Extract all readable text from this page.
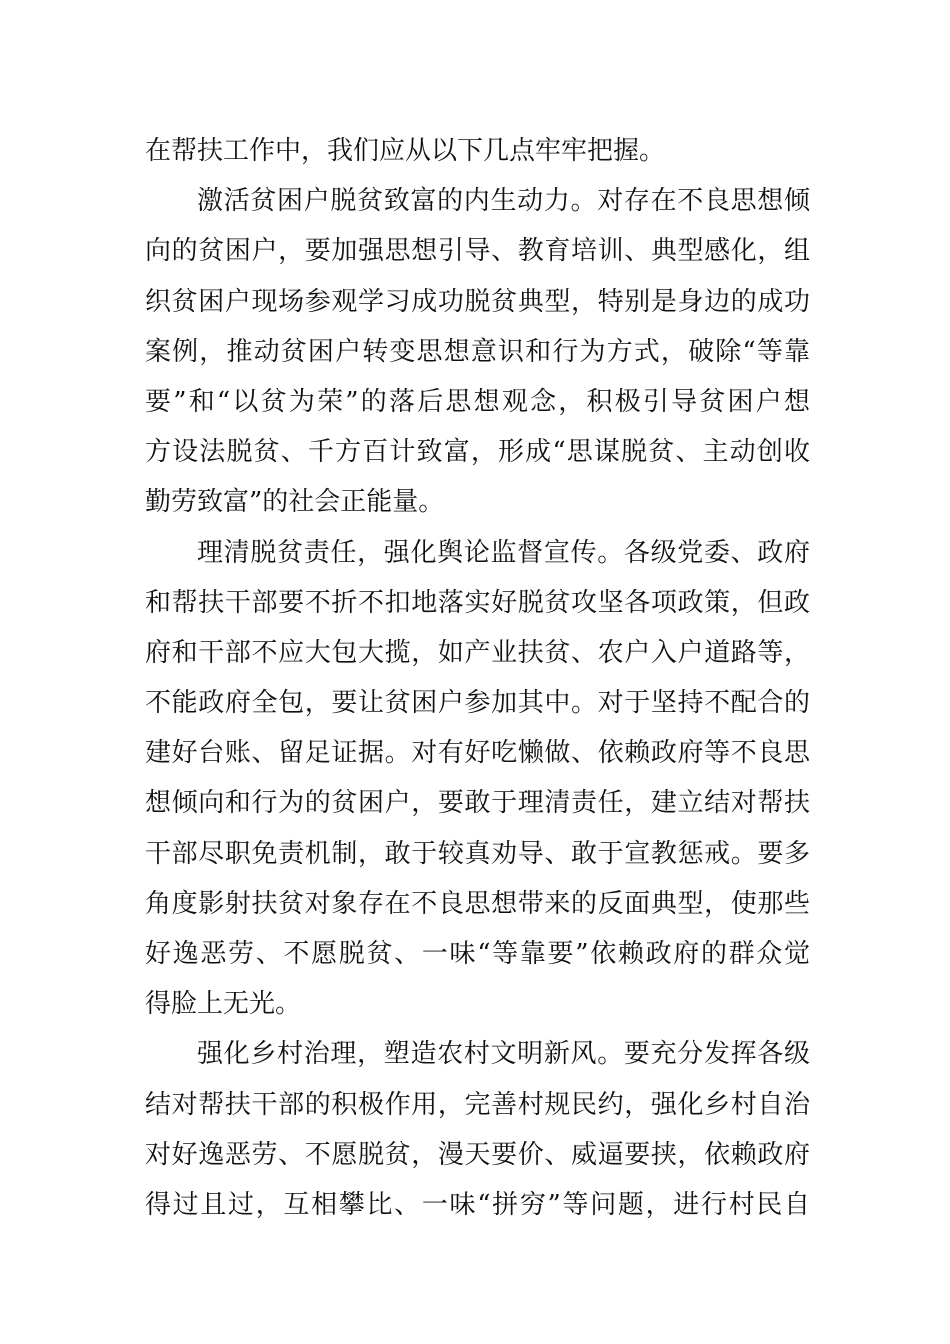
在帮扶工作中，我们应从以下几点牢牢把握。
激活贫困户脱贫致富的内生动力。对存在不良思想倾
向的贫困户，要加强思想引导、教育培训、典型感化，组
织贫困户现场参观学习成功脱贫典型，特别是身边的成功
案例，推动贫困户转变思想意识和行为方式，破除“等靠
要”和“以贫为荣”的落后思想观念，积极引导贫困户想
方设法脱贫、千方百计致富，形成“思谋脱贫、主动创收
勤劳致富”的社会正能量。
理清脱贫责任，强化舆论监督宣传。各级党委、政府
和帮扶干部要不折不扣地落实好脱贫攻坚各项政策，但政
府和干部不应大包大揽，如产业扶贫、农户入户道路等，
不能政府全包，要让贫困户参加其中。对于坚持不配合的
建好台账、留足证据。对有好吃懒做、依赖政府等不良思
想倾向和行为的贫困户，要敢于理清责任，建立结对帮扶
干部尽职免责机制，敢于较真劝导、敢于宣教惩戒。要多
角度影射扶贫对象存在不良思想带来的反面典型，使那些
好逸恶劳、不愿脱贫、一味“等靠要”依赖政府的群众觉
得脸上无光。
强化乡村治理，塑造农村文明新风。要充分发挥各级
结对帮扶干部的积极作用，完善村规民约，强化乡村自治
对好逸恶劳、不愿脱贫，漫天要价、威逼要挟，依赖政府
得过且过，互相攀比、一味“拼穷”等问题，进行村民自
